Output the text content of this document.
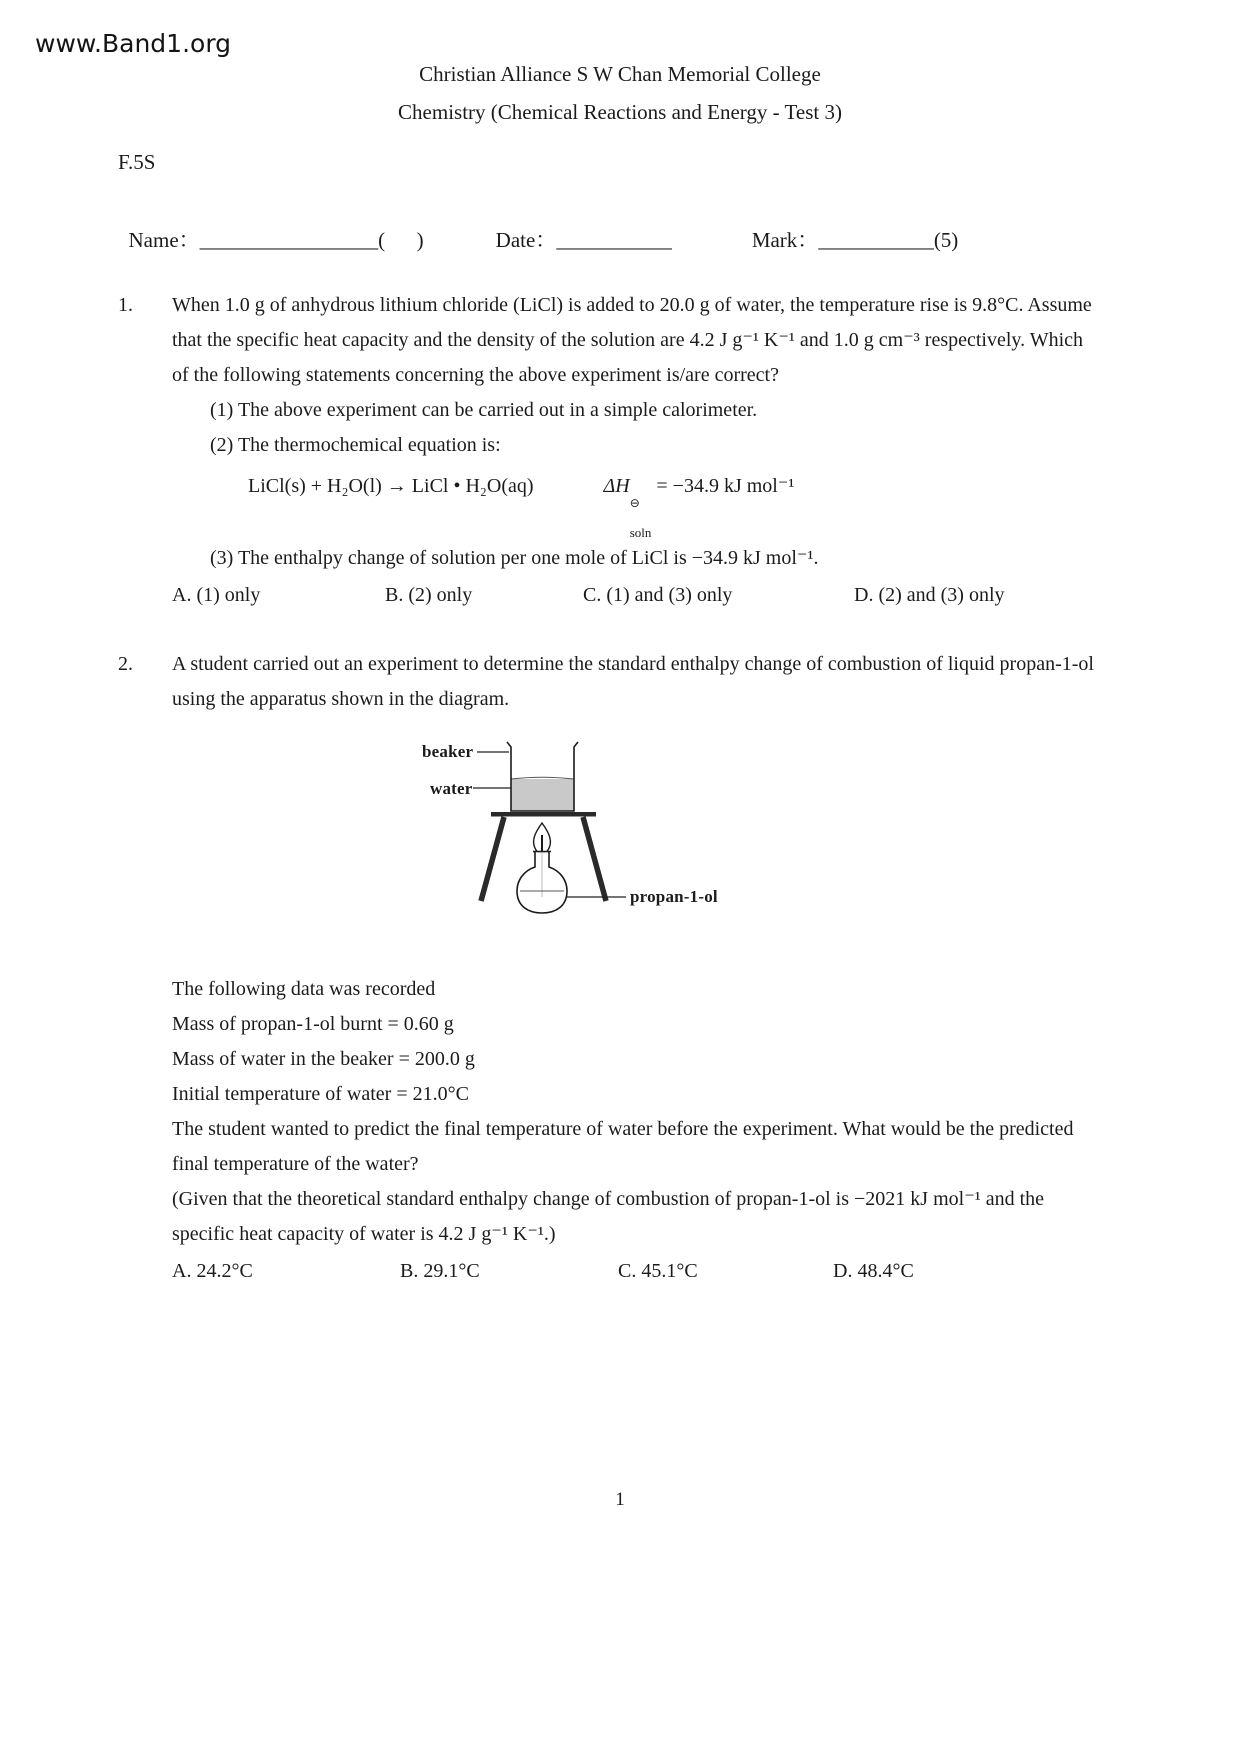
www.Band1.org
Christian Alliance S W Chan Memorial College
Chemistry (Chemical Reactions and Energy - Test 3)
F.5S

Name：_________________(      )	Date：___________	Mark：___________(5)

1.	When 1.0 g of anhydrous lithium chloride (LiCl) is added to 20.0 g of water, the temperature rise is 9.8°C. Assume that the specific heat capacity and the density of the solution are 4.2 J g⁻¹ K⁻¹ and 1.0 g cm⁻³ respectively. Which of the following statements concerning the above experiment is/are correct?

(1) The above experiment can be carried out in a simple calorimeter.
(2) The thermochemical equation is:
LiCl(s) + H₂O(l) → LiCl • H₂O(aq)	ΔH
⊖
soln
= −34.9 kJ mol⁻¹
(3) The enthalpy change of solution per one mole of LiCl is −34.9 kJ mol⁻¹.
A. (1) only	B. (2) only	C. (1) and (3) only	D. (2) and (3) only
2.	A student carried out an experiment to determine the standard enthalpy change of combustion of liquid propan-1-ol using the apparatus shown in the diagram.

beaker
water
propan-1-ol
The following data was recorded
Mass of propan-1-ol burnt = 0.60 g
Mass of water in the beaker = 200.0 g
Initial temperature of water = 21.0°C

The student wanted to predict the final temperature of water before the experiment. What would be the predicted final temperature of the water?

(Given that the theoretical standard enthalpy change of combustion of propan-1-ol is −2021 kJ mol⁻¹ and the specific heat capacity of water is 4.2 J g⁻¹ K⁻¹.)

A. 24.2°C	B. 29.1°C	C. 45.1°C	D. 48.4°C
1
